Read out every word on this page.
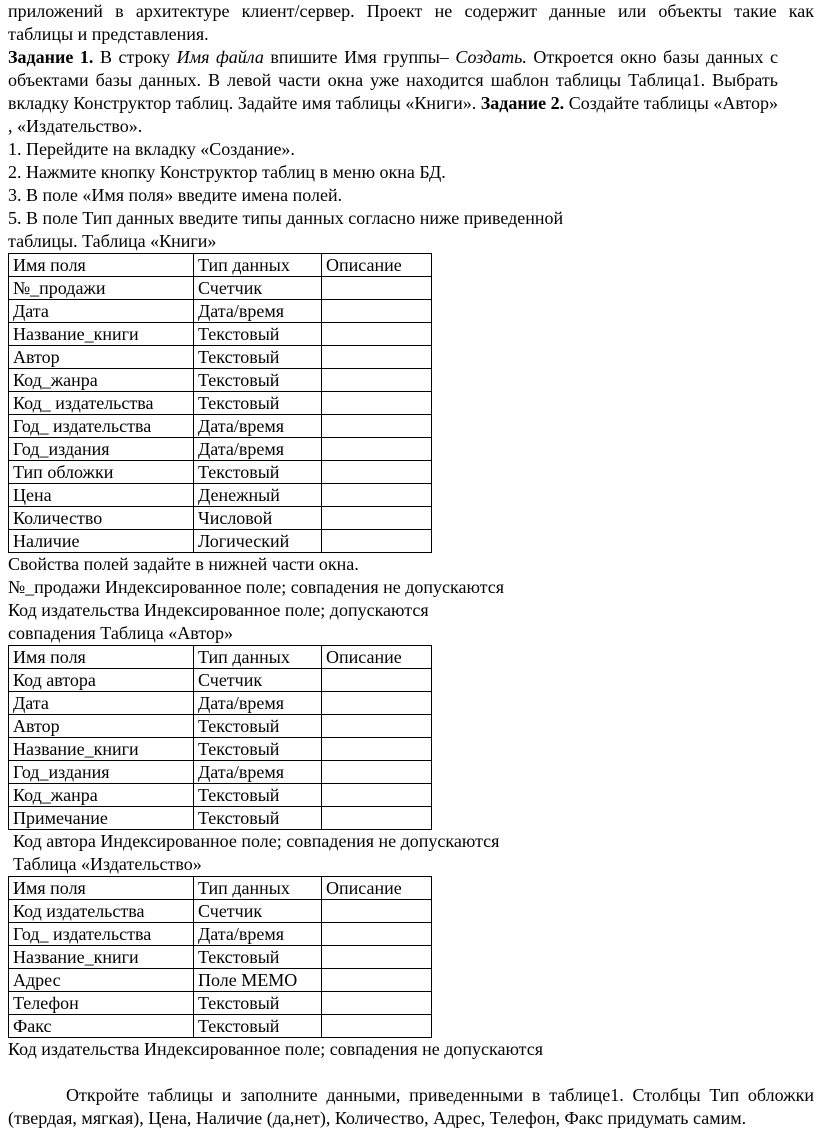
приложений в архитектуре клиент/сервер. Проект не содержит данные или объекты такие как

таблицы и представления.

Задание 1. В строку Имя файла впишите Имя группы– Создать. Откроется окно базы данных с объектами базы данных. В левой части окна уже находится шаблон таблицы Таблица1. Выбрать вкладку Конструктор таблиц. Задайте имя таблицы «Книги». Задание 2. Создайте таблицы «Автор» , «Издательство».

1. Перейдите на вкладку «Создание».

2. Нажмите кнопку Конструктор таблиц в меню окна БД.

3. В поле «Имя поля» введите имена полей.

5. В поле Тип данных введите типы данных согласно ниже приведенной

таблицы. Таблица «Книги»

Имя поля	Тип данных	Описание
№_продажи	Счетчик	
Дата	Дата/время	
Название_книги	Текстовый	
Автор	Текстовый	
Код_жанра	Текстовый	
Код_ издательства	Текстовый	
Год_ издательства	Дата/время	
Год_издания	Дата/время	
Тип обложки	Текстовый	
Цена	Денежный	
Количество	Числовой	
Наличие	Логический	

Свойства полей задайте в нижней части окна.

№_продажи Индексированное поле; совпадения не допускаются

Код издательства Индексированное поле; допускаются

совпадения Таблица «Автор»

Имя поля	Тип данных	Описание
Код автора	Счетчик	
Дата	Дата/время	
Автор	Текстовый	
Название_книги	Текстовый	
Год_издания	Дата/время	
Код_жанра	Текстовый	
Примечание	Текстовый	

Код автора Индексированное поле; совпадения не допускаются

Таблица «Издательство»

Имя поля	Тип данных	Описание
Код издательства	Счетчик	
Год_ издательства	Дата/время	
Название_книги	Текстовый	
Адрес	Поле МЕМО	
Телефон	Текстовый	
Факс	Текстовый	

Код издательства Индексированное поле; совпадения не допускаются

Откройте таблицы и заполните данными, приведенными в таблице1. Столбцы Тип обложки

(твердая, мягкая), Цена, Наличие (да,нет), Количество, Адрес, Телефон, Факс придумать самим.
